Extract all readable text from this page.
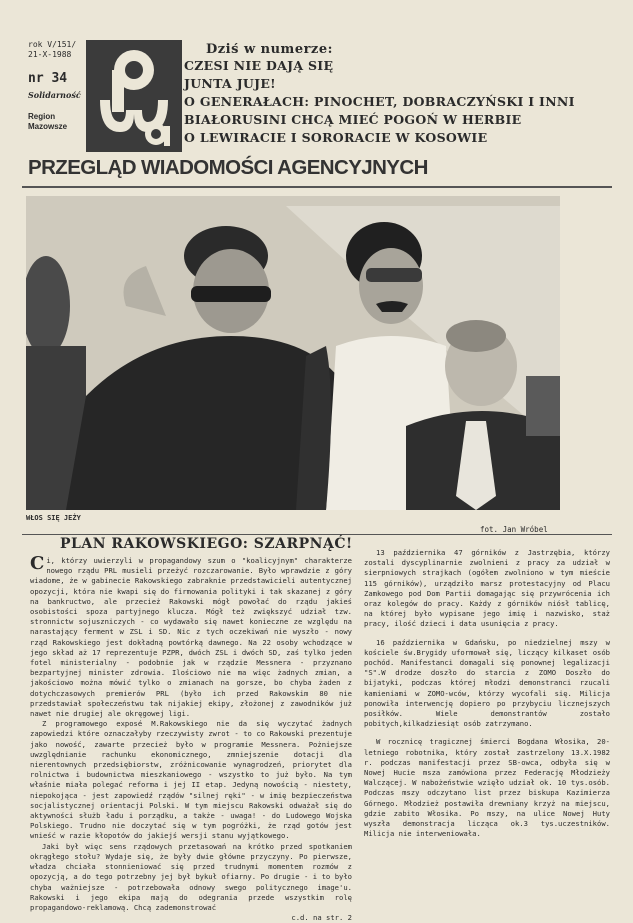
rok V/151/
21-X-1988
nr 34
Solidarność
Region
Mazowsze
Dziś w numerze:
CZESI NIE DAJĄ SIĘ
JUNTA JUJE!
O GENERAŁACH: PINOCHET, DOBRACZYŃSKI I INNI
BIAŁORUSINI CHCĄ MIEĆ POGOŃ W HERBIE
O LEWIRACIE I SORORACIE W KOSOWIE
PRZEGLĄD WIADOMOŚCI AGENCYJNYCH
WŁOS SIĘ JEŻY
fot. Jan Wróbel
PLAN RAKOWSKIEGO: SZARPNĄĆ!

Ci, którzy uwierzyli w propagandowy szum o "koalicyjnym" charakterze nowego rządu PRL musieli przeżyć rozczarowanie. Było wprawdzie z góry wiadome, że w gabinecie Rakowskiego zabraknie przedstawicieli autentycznej opozycji, która nie kwapi się do firmowania polityki i tak skazanej z góry na bankructwo, ale przecież Rakowski mógł powołać do rządu jakieś osobistości spoza partyjnego klucza. Mógł też zwiększyć udział tzw. stronnictw sojuszniczych - co wydawało się nawet konieczne ze względu na narastający ferment w ZSL i SD. Nic z tych oczekiwań nie wyszło - nowy rząd Rakowskiego jest dokładną powtórką dawnego. Na 22 osoby wchodzące w jego skład aż 17 reprezentuje PZPR, dwóch ZSL i dwóch SD, zaś tylko jeden fotel ministerialny - podobnie jak w rządzie Messnera - przyznano bezpartyjnej minister zdrowia. Ilościowo nie ma więc żadnych zmian, a jakościowo można mówić tylko o zmianach na gorsze, bo chyba żaden z dotychczasowych premierów PRL (było ich przed Rakowskim 80 nie przedstawiał społeczeństwu tak nijakiej ekipy, złożonej z zawodników już nawet nie drugiej ale okręgowej ligi.

Z programowego exposé M.Rakowskiego nie da się wyczytać żadnych zapowiedzi które oznaczałyby rzeczywisty zwrot - to co Rakowski prezentuje jako nowość, zawarte przecież było w programie Messnera. Pożniejsze uwzględnianie rachunku ekonomicznego, zmniejszenie dotacji dla nierentownych przedsiębiorstw, zróżnicowanie wynagrodzeń, priorytet dla rolnictwa i budownictwa mieszkaniowego - wszystko to już było. Na tym właśnie miała polegać reforma i jej II etap. Jedyną nowością - niestety, niepokojąca - jest zapowiedź rządów "silnej ręki" - w imię bezpieczeństwa socjalistycznej orientacji Polski. W tym miejscu Rakowski odważał się do aktywności służb ładu i porządku, a także - uwaga! - do Ludowego Wojska Polskiego. Trudno nie doczytać się w tym pogróżki, że rząd gotów jest wnieść w razie kłopotów do jakiejś wersji stanu wyjątkowego.

Jaki był więc sens rządowych przetasowań na krótko przed spotkaniem okrągłego stołu? Wydaje się, że były dwie główne przyczyny. Po pierwsze, władza chciała stonnieniować się przed trudnymi momentem rozmów z opozycją, a do tego potrzebny jej był bykuł ofiarny. Po drugie - i to było chyba ważniejsze - potrzebowała odnowy swego politycznego image'u. Rakowski i jego ekipa mają do odegrania przede wszystkim rolę propagandowo-reklamową. Chcą zademonstrować

c.d. na str. 2

13 października 47 górników z Jastrzębia, którzy zostali dyscyplinarnie zwolnieni z pracy za udział w sierpniowych strajkach (ogółem zwolniono w tym mieście 115 górników), urządziło marsz protestacyjny od Placu Zamkowego pod Dom Partii domagając się przywrócenia ich oraz kolegów do pracy. Każdy z górników niósł tablicę, na której było wypisane jego imię i nazwisko, staż pracy, ilość dzieci i data usunięcia z pracy.

16 października w Gdańsku, po niedzielnej mszy w kościele św.Brygidy uformował się, liczący kilkaset osób pochód. Manifestanci domagali się ponownej legalizacji "S".W drodze doszło do starcia z ZOMO Doszło do bijatyki, podczas której młodzi demonstranci rzucali kamieniami w ZOMO-wców, którzy wycofali się. Milicja ponowiła interwencję dopiero po przybyciu licznejszych posiłków. Wiele demonstrantów zostało pobitych,kilkadziesiąt osób zatrzymano.

W rocznicę tragicznej śmierci Bogdana Włosika, 20-letniego robotnika, który został zastrzelony 13.X.1982 r. podczas manifestacji przez SB-owca, odbyła się w Nowej Hucie msza zamówiona przez Federację Młodzieży Walczącej. W nabożeństwie wzięło udział ok. 10 tys.osób. Podczas mszy odczytano list przez biskupa Kazimierza Górnego. Młodzież postawiła drewniany krzyż na miejscu, gdzie zabito Włosika. Po mszy, na ulice Nowej Huty wyszła demonstracja licząca ok.3 tys.uczestników. Milicja nie interweniowała.
